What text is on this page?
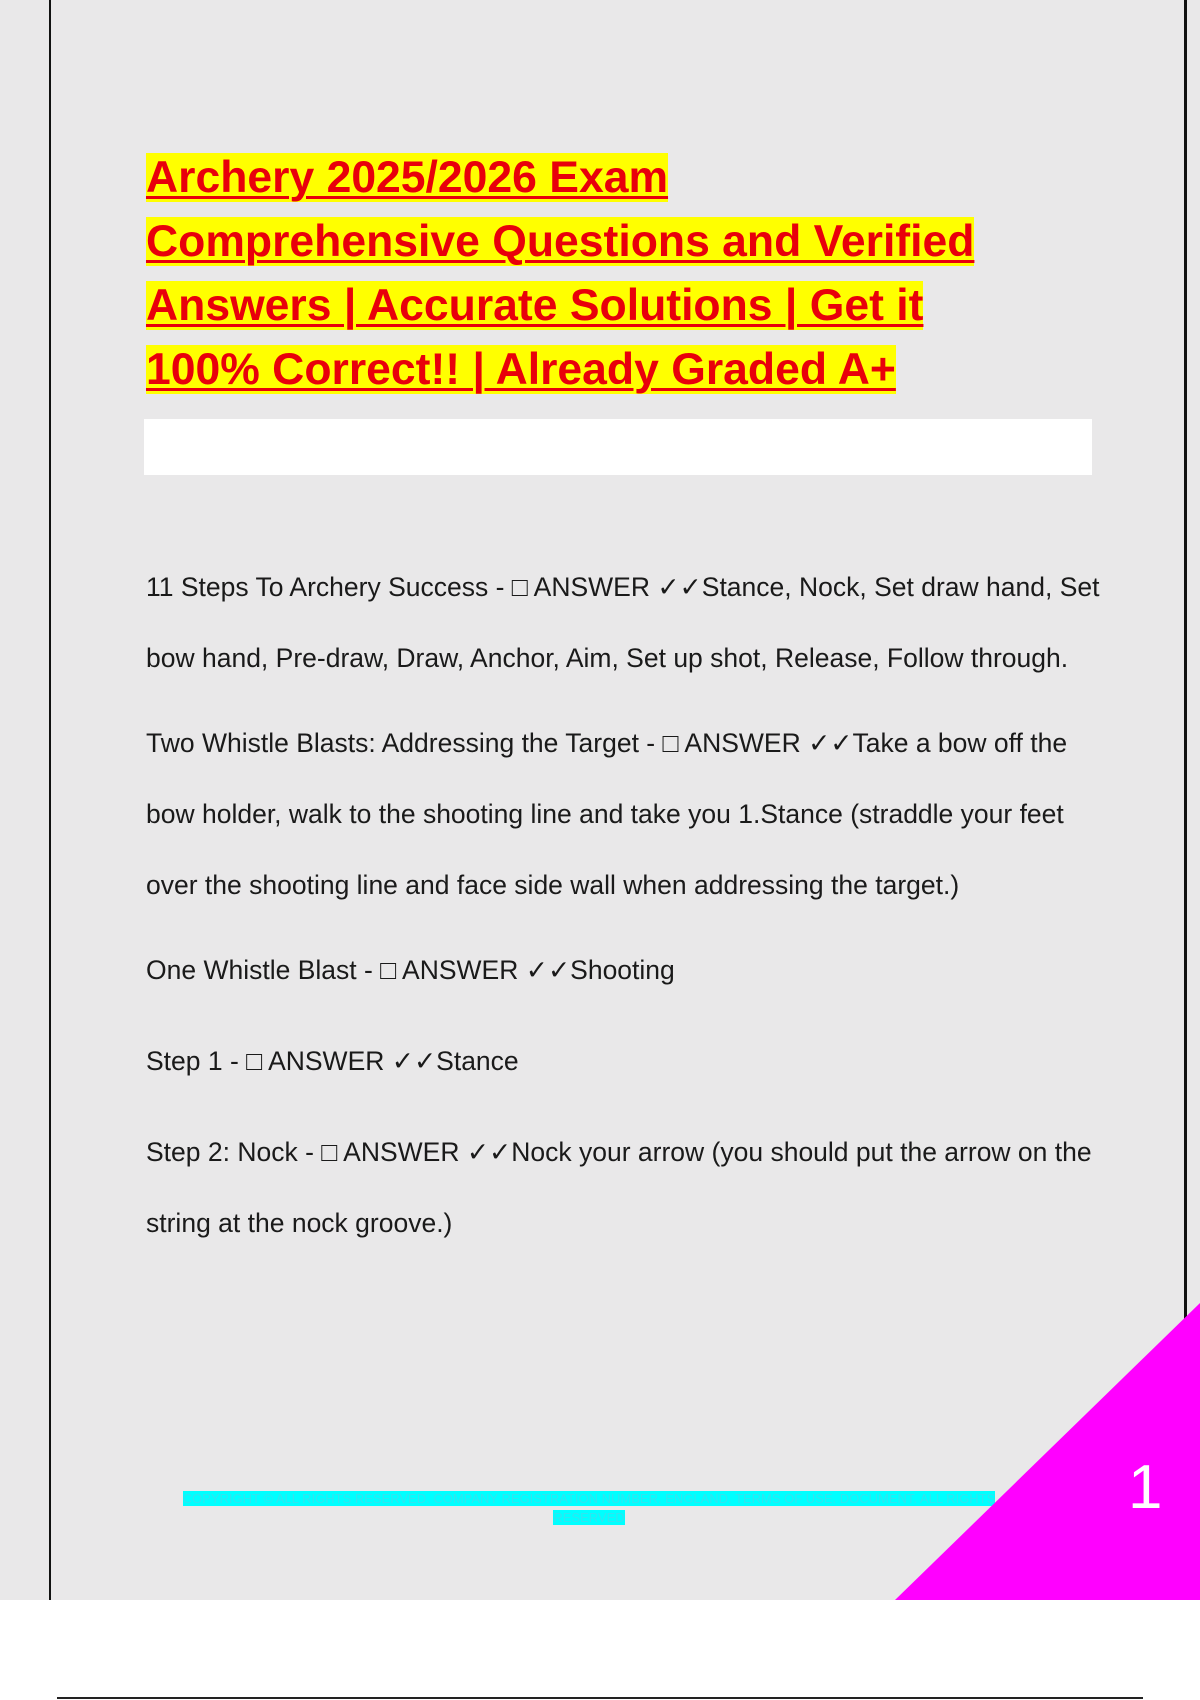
Archery 2025/2026 Exam
Comprehensive Questions and Verified
Answers | Accurate Solutions | Get it
100% Correct!! | Already Graded A+

11 Steps To Archery Success - □ ANSWER ✓✓Stance, Nock, Set draw hand, Set bow hand, Pre-draw, Draw, Anchor, Aim, Set up shot, Release, Follow through.

Two Whistle Blasts: Addressing the Target - □ ANSWER ✓✓Take a bow off the bow holder, walk to the shooting line and take you 1.Stance (straddle your feet over the shooting line and face side wall when addressing the target.)

One Whistle Blast - □ ANSWER ✓✓Shooting

Step 1 - □ ANSWER ✓✓Stance

Step 2: Nock - □ ANSWER ✓✓Nock your arrow (you should put the arrow on the string at the nock groove.)

COPYRIGHT © ALL RIGHTS RESERVED. COMPANY REGISTRATION NUMBER. ENGLAND. TERMS OF USE. DOCUMENT. ALL RIGHTS RESERVED	1
